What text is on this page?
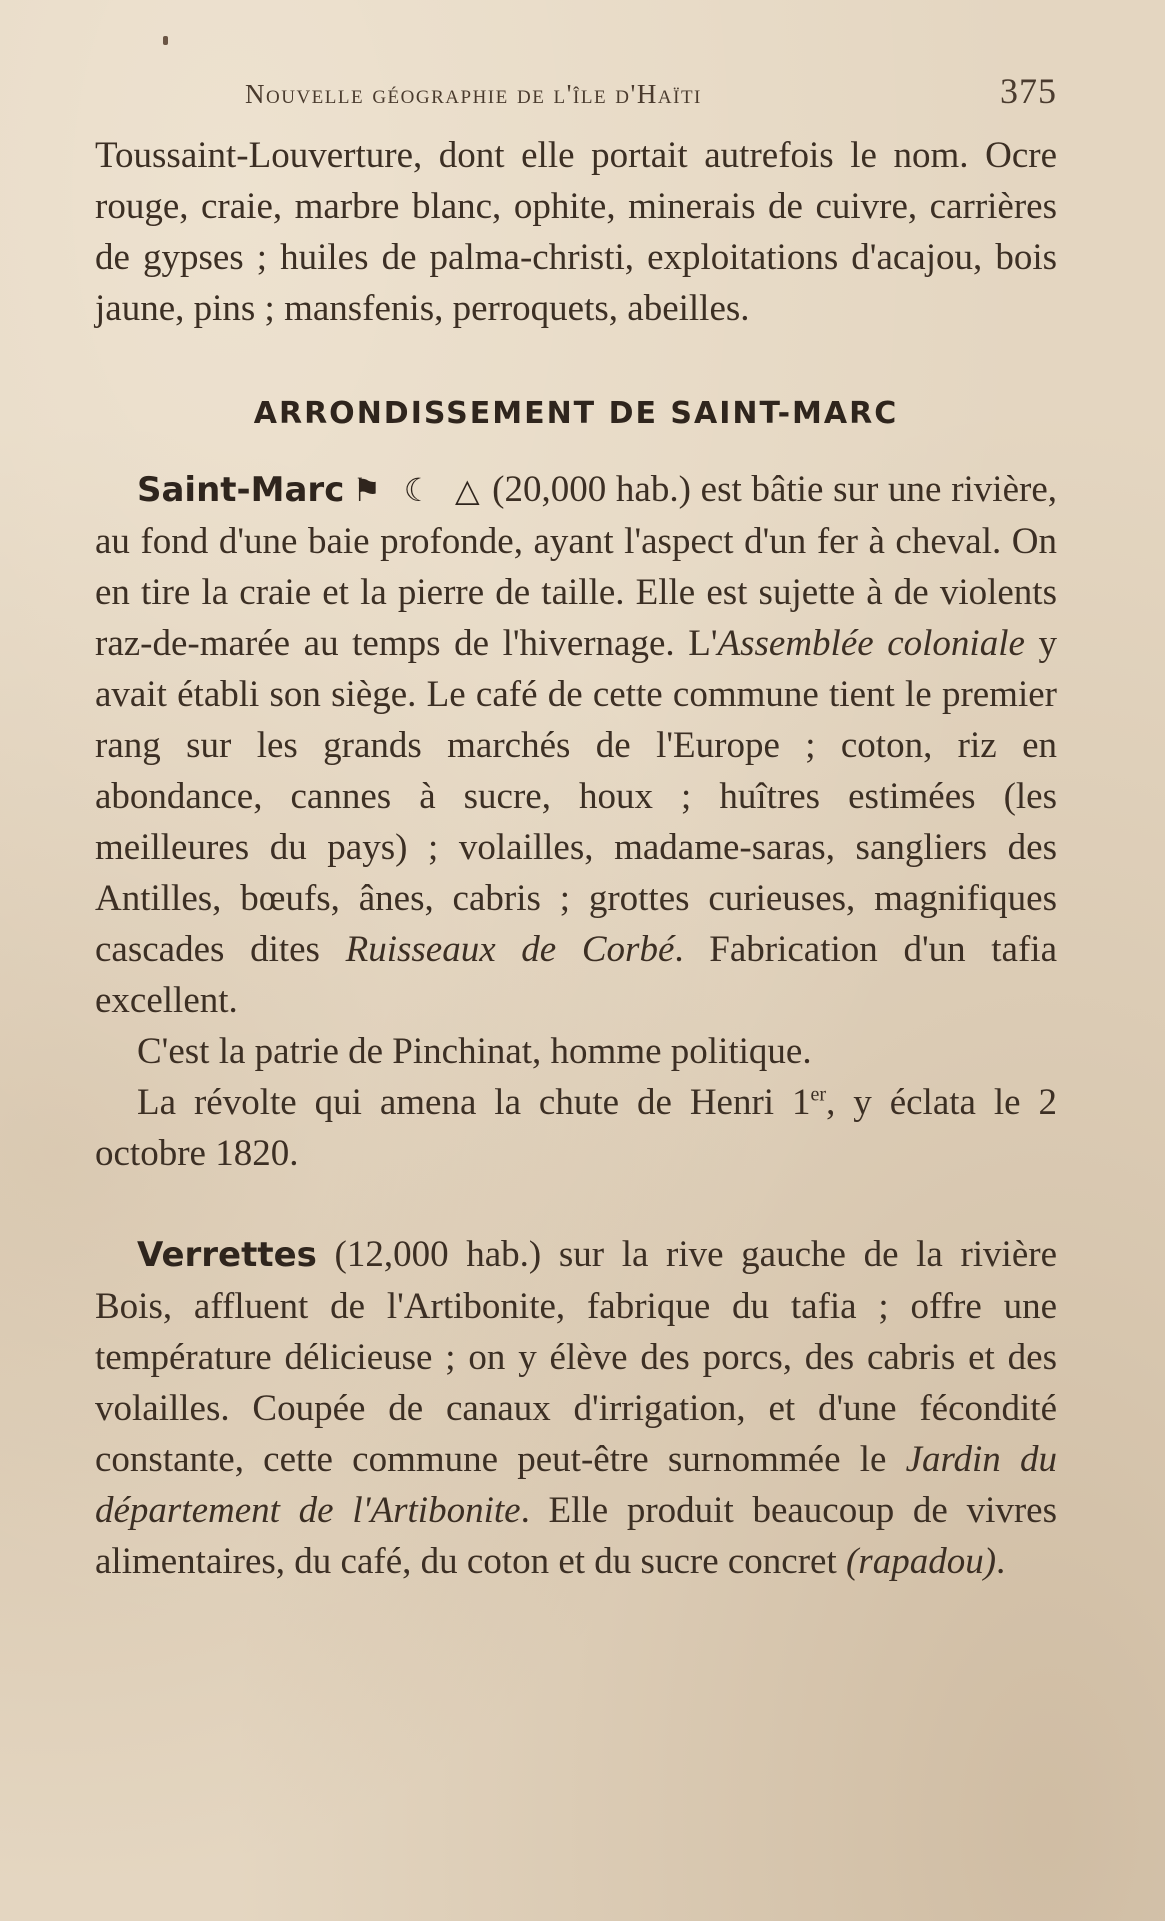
Nouvelle géographie de l'île d'Haïti	375

Toussaint-Louverture, dont elle portait autrefois le nom. Ocre rouge, craie, marbre blanc, ophite, minerais de cuivre, carrières de gypses ; huiles de palma-christi, exploitations d'acajou, bois jaune, pins ; mansfenis, perroquets, abeilles.

ARRONDISSEMENT DE SAINT-MARC

Saint-Marc ⚑ ☾ △ (20,000 hab.) est bâtie sur une rivière, au fond d'une baie profonde, ayant l'aspect d'un fer à cheval. On en tire la craie et la pierre de taille. Elle est sujette à de violents raz-de-marée au temps de l'hivernage. L'Assemblée coloniale y avait établi son siège. Le café de cette commune tient le premier rang sur les grands marchés de l'Europe ; coton, riz en abondance, cannes à sucre, houx ; huîtres estimées (les meilleures du pays) ; volailles, madame-saras, sangliers des Antilles, bœufs, ânes, cabris ; grottes curieuses, magnifiques cascades dites Ruisseaux de Corbé. Fabrication d'un tafia excellent.

C'est la patrie de Pinchinat, homme politique.

La révolte qui amena la chute de Henri 1er, y éclata le 2 octobre 1820.

Verrettes (12,000 hab.) sur la rive gauche de la rivière Bois, affluent de l'Artibonite, fabrique du tafia ; offre une température délicieuse ; on y élève des porcs, des cabris et des volailles. Coupée de canaux d'irrigation, et d'une fécondité constante, cette commune peut-être surnommée le Jardin du département de l'Artibonite. Elle produit beaucoup de vivres alimentaires, du café, du coton et du sucre concret (rapadou).
